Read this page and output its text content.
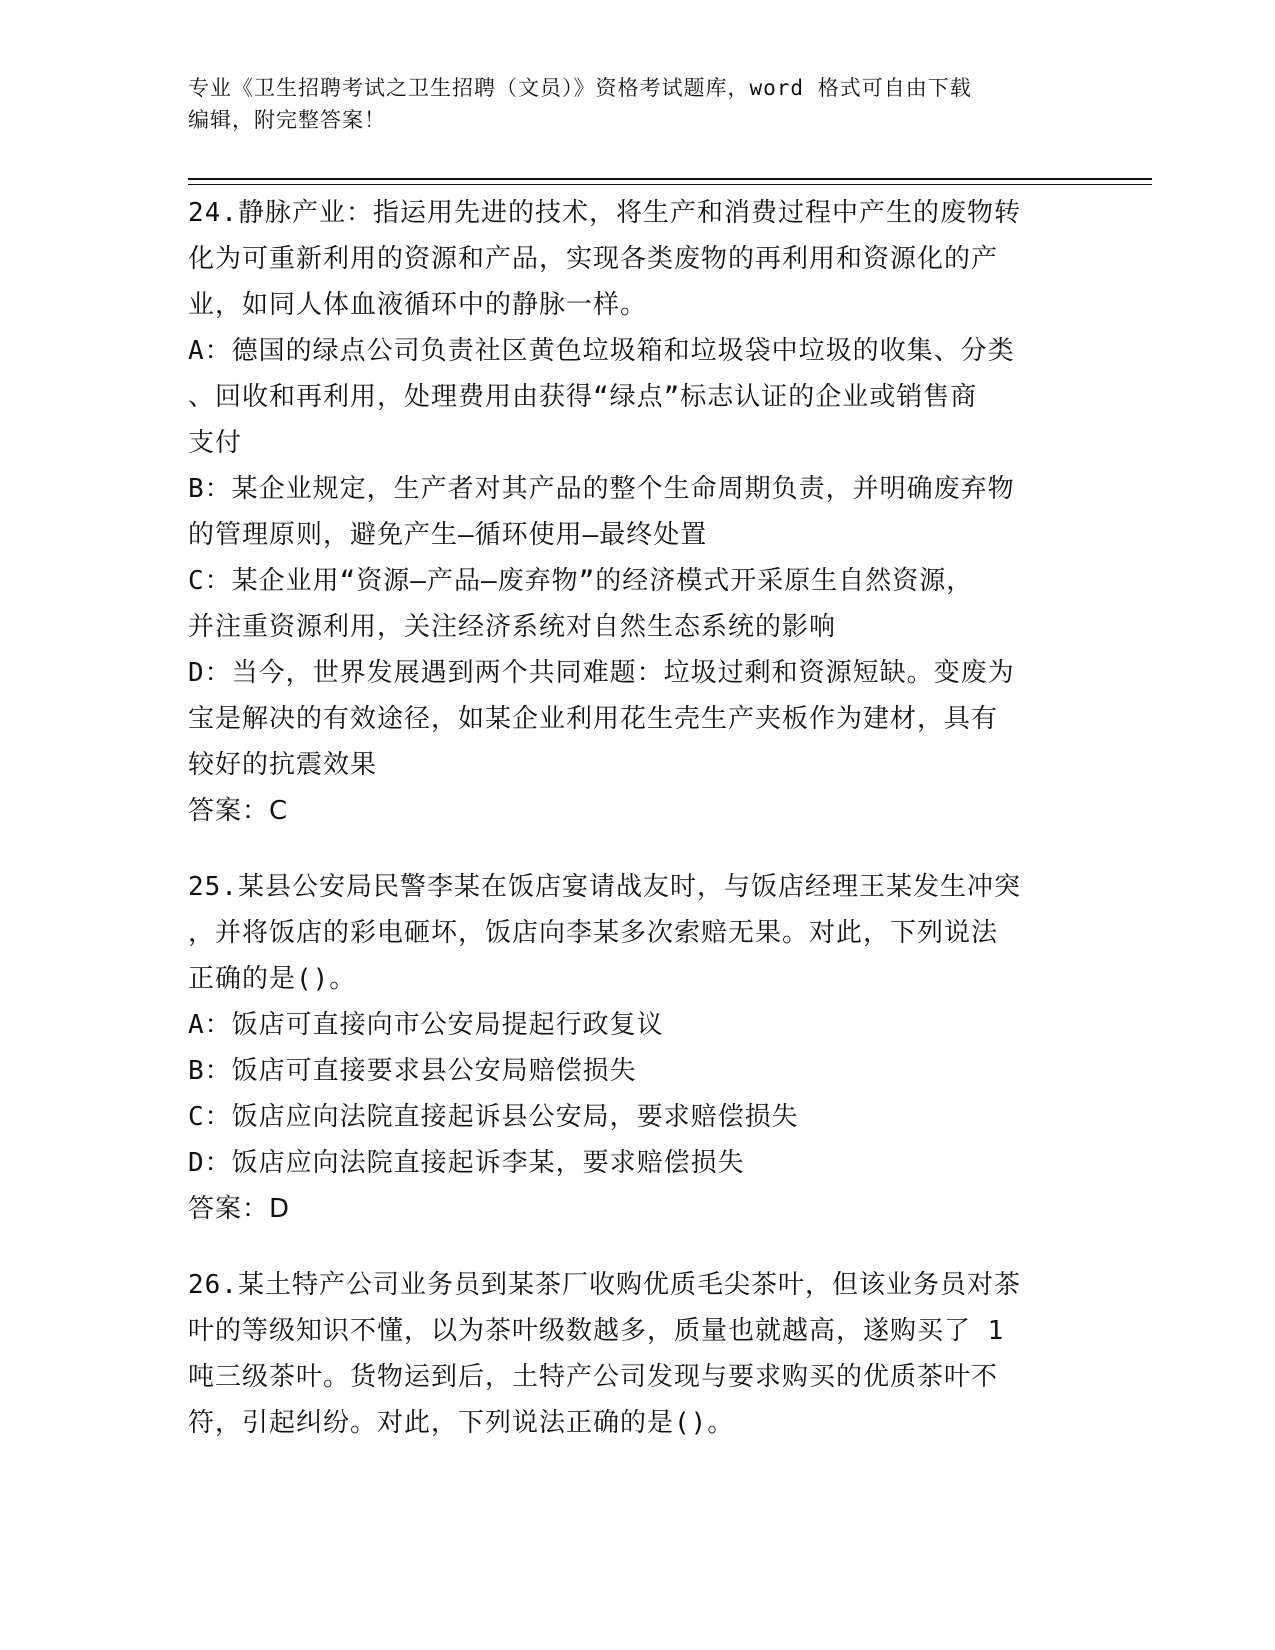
专业《卫生招聘考试之卫生招聘（文员）》资格考试题库，word 格式可自由下载
编辑，附完整答案！
24.静脉产业：指运用先进的技术，将生产和消费过程中产生的废物转
化为可重新利用的资源和产品，实现各类废物的再利用和资源化的产
业，如同人体血液循环中的静脉一样。
A：德国的绿点公司负责社区黄色垃圾箱和垃圾袋中垃圾的收集、分类
、回收和再利用，处理费用由获得“绿点”标志认证的企业或销售商
支付
B：某企业规定，生产者对其产品的整个生命周期负责，并明确废弃物
的管理原则，避免产生—循环使用—最终处置
C：某企业用“资源—产品—废弃物”的经济模式开采原生自然资源，
并注重资源利用，关注经济系统对自然生态系统的影响
D：当今，世界发展遇到两个共同难题：垃圾过剩和资源短缺。变废为
宝是解决的有效途径，如某企业利用花生壳生产夹板作为建材，具有
较好的抗震效果
答案：C
25.某县公安局民警李某在饭店宴请战友时，与饭店经理王某发生冲突
，并将饭店的彩电砸坏，饭店向李某多次索赔无果。对此，下列说法
正确的是()。
A：饭店可直接向市公安局提起行政复议
B：饭店可直接要求县公安局赔偿损失
C：饭店应向法院直接起诉县公安局，要求赔偿损失
D：饭店应向法院直接起诉李某，要求赔偿损失
答案：D
26.某土特产公司业务员到某茶厂收购优质毛尖茶叶，但该业务员对茶
叶的等级知识不懂，以为茶叶级数越多，质量也就越高，遂购买了 1
吨三级茶叶。货物运到后，土特产公司发现与要求购买的优质茶叶不
符，引起纠纷。对此，下列说法正确的是()。
